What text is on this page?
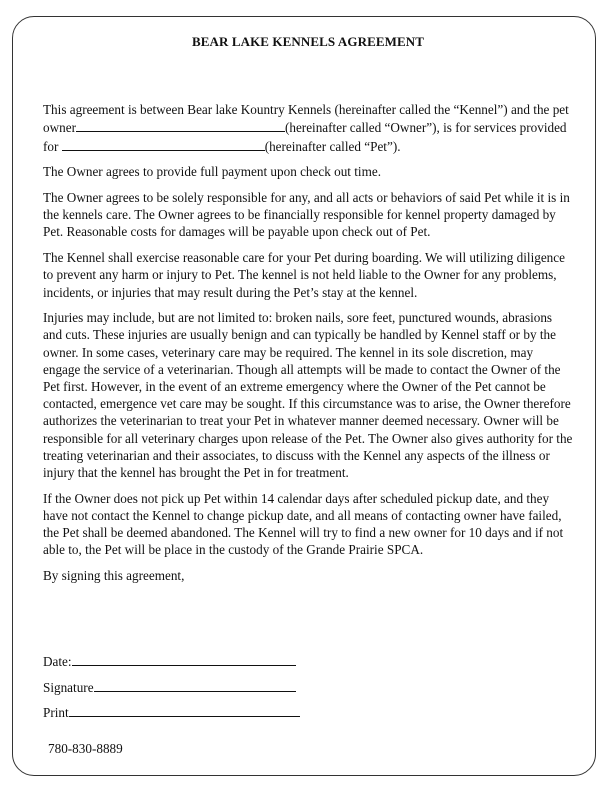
BEAR LAKE KENNELS AGREEMENT

This agreement is between Bear lake Kountry Kennels (hereinafter called the “Kennel”) and the pet owner	(hereinafter called “Owner”), is for services provided for	(hereinafter called “Pet”).

The Owner agrees to provide full payment upon check out time.

The Owner agrees to be solely responsible for any, and all acts or behaviors of said Pet while it is in the kennels care. The Owner agrees to be financially responsible for kennel property damaged by Pet. Reasonable costs for damages will be payable upon check out of Pet.

The Kennel shall exercise reasonable care for your Pet during boarding. We will utilizing diligence to prevent any harm or injury to Pet. The kennel is not held liable to the Owner for any problems, incidents, or injuries that may result during the Pet’s stay at the kennel.

Injuries may include, but are not limited to: broken nails, sore feet, punctured wounds, abrasions and cuts. These injuries are usually benign and can typically be handled by Kennel staff or by the owner. In some cases, veterinary care may be required. The kennel in its sole discretion, may engage the service of a veterinarian. Though all attempts will be made to contact the Owner of the Pet first. However, in the event of an extreme emergency where the Owner of the Pet cannot be contacted, emergence vet care may be sought. If this circumstance was to arise, the Owner therefore authorizes the veterinarian to treat your Pet in whatever manner deemed necessary. Owner will be responsible for all veterinary charges upon release of the Pet. The Owner also gives authority for the treating veterinarian and their associates, to discuss with the Kennel any aspects of the illness or injury that the kennel has brought the Pet in for treatment.

If the Owner does not pick up Pet within 14 calendar days after scheduled pickup date, and they have not contact the Kennel to change pickup date, and all means of contacting owner have failed, the Pet shall be deemed abandoned. The Kennel will try to find a new owner for 10 days and if not able to, the Pet will be place in the custody of the Grande Prairie SPCA.

By signing this agreement,

Date:
Signature
Print
780-830-8889
